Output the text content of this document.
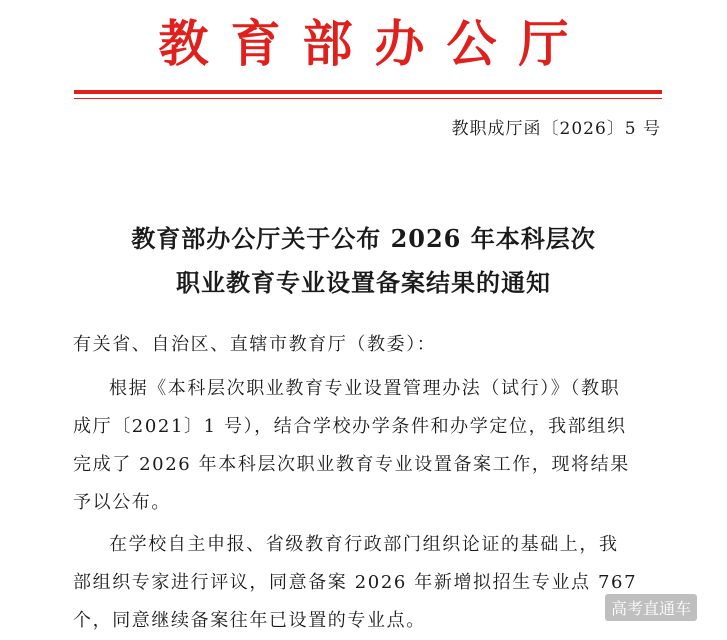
教 育 部 办 公 厅
教职成厅函〔2026〕5 号
教育部办公厅关于公布 2026 年本科层次
职业教育专业设置备案结果的通知
有关省、自治区、直辖市教育厅（教委）：
根据《本科层次职业教育专业设置管理办法（试行）》（教职
成厅〔2021〕1 号），结合学校办学条件和办学定位，我部组织
完成了 2026 年本科层次职业教育专业设置备案工作，现将结果
予以公布。
在学校自主申报、省级教育行政部门组织论证的基础上，我
部组织专家进行评议，同意备案 2026 年新增拟招生专业点 767
个，同意继续备案往年已设置的专业点。
高考直通车
